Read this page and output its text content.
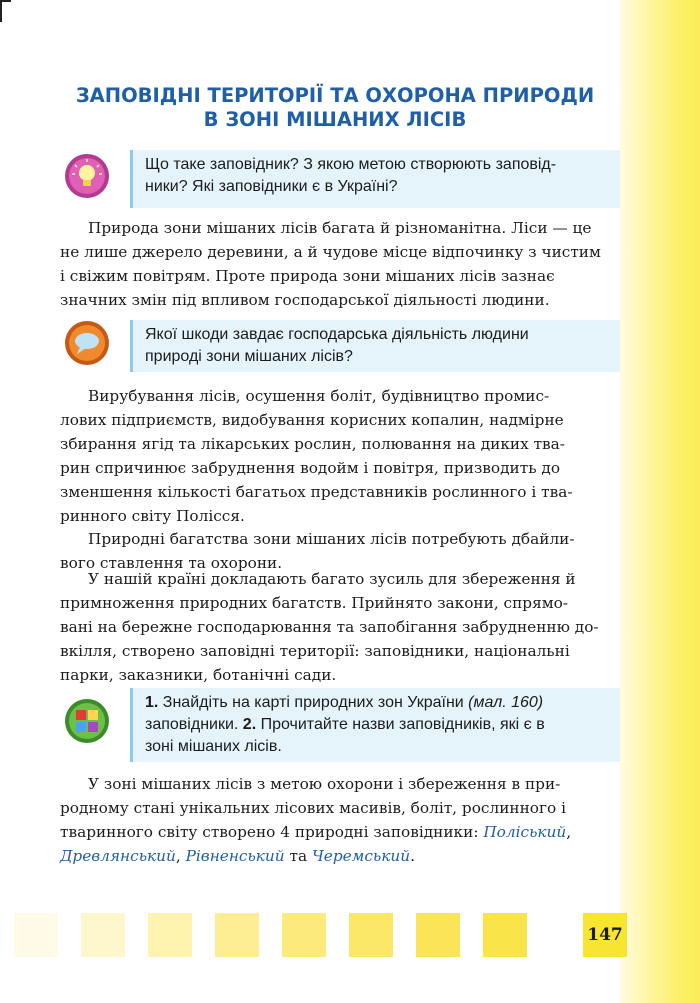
ЗАПОВІДНІ ТЕРИТОРІЇ ТА ОХОРОНА ПРИРОДИ
В ЗОНІ МІШАНИХ ЛІСІВ

Що таке заповідник? З якою метою створюють заповід-

ники? Які заповідники є в Україні?

Природа зони мішаних лісів багата й різноманітна. Ліси — це

не лише джерело деревини, а й чудове місце відпочинку з чистим

і свіжим повітрям. Проте природа зони мішаних лісів зазнає

значних змін під впливом господарської діяльності людини.

Якої шкоди завдає господарська діяльність людини

природі зони мішаних лісів?

Вирубування лісів, осушення боліт, будівництво промис-

лових підприємств, видобування корисних копалин, надмірне

збирання ягід та лікарських рослин, полювання на диких тва-

рин спричинює забруднення водойм і повітря, призводить до

зменшення кількості багатьох представників рослинного і тва-

ринного світу Полісся.

Природні багатства зони мішаних лісів потребують дбайли-

вого ставлення та охорони.

У нашій країні докладають багато зусиль для збереження й

примноження природних багатств. Прийнято закони, спрямо-

вані на бережне господарювання та запобігання забрудненню до-

вкілля, створено заповідні території: заповідники, національні

парки, заказники, ботанічні сади.

1. Знайдіть на карті природних зон України (мал. 160)

заповідники. 2. Прочитайте назви заповідників, які є в

зоні мішаних лісів.

У зоні мішаних лісів з метою охорони і збереження в при-

родному стані унікальних лісових масивів, боліт, рослинного і

тваринного світу створено 4 природні заповідники: Поліський,

Древлянський, Рівненський та Черемський.

147
